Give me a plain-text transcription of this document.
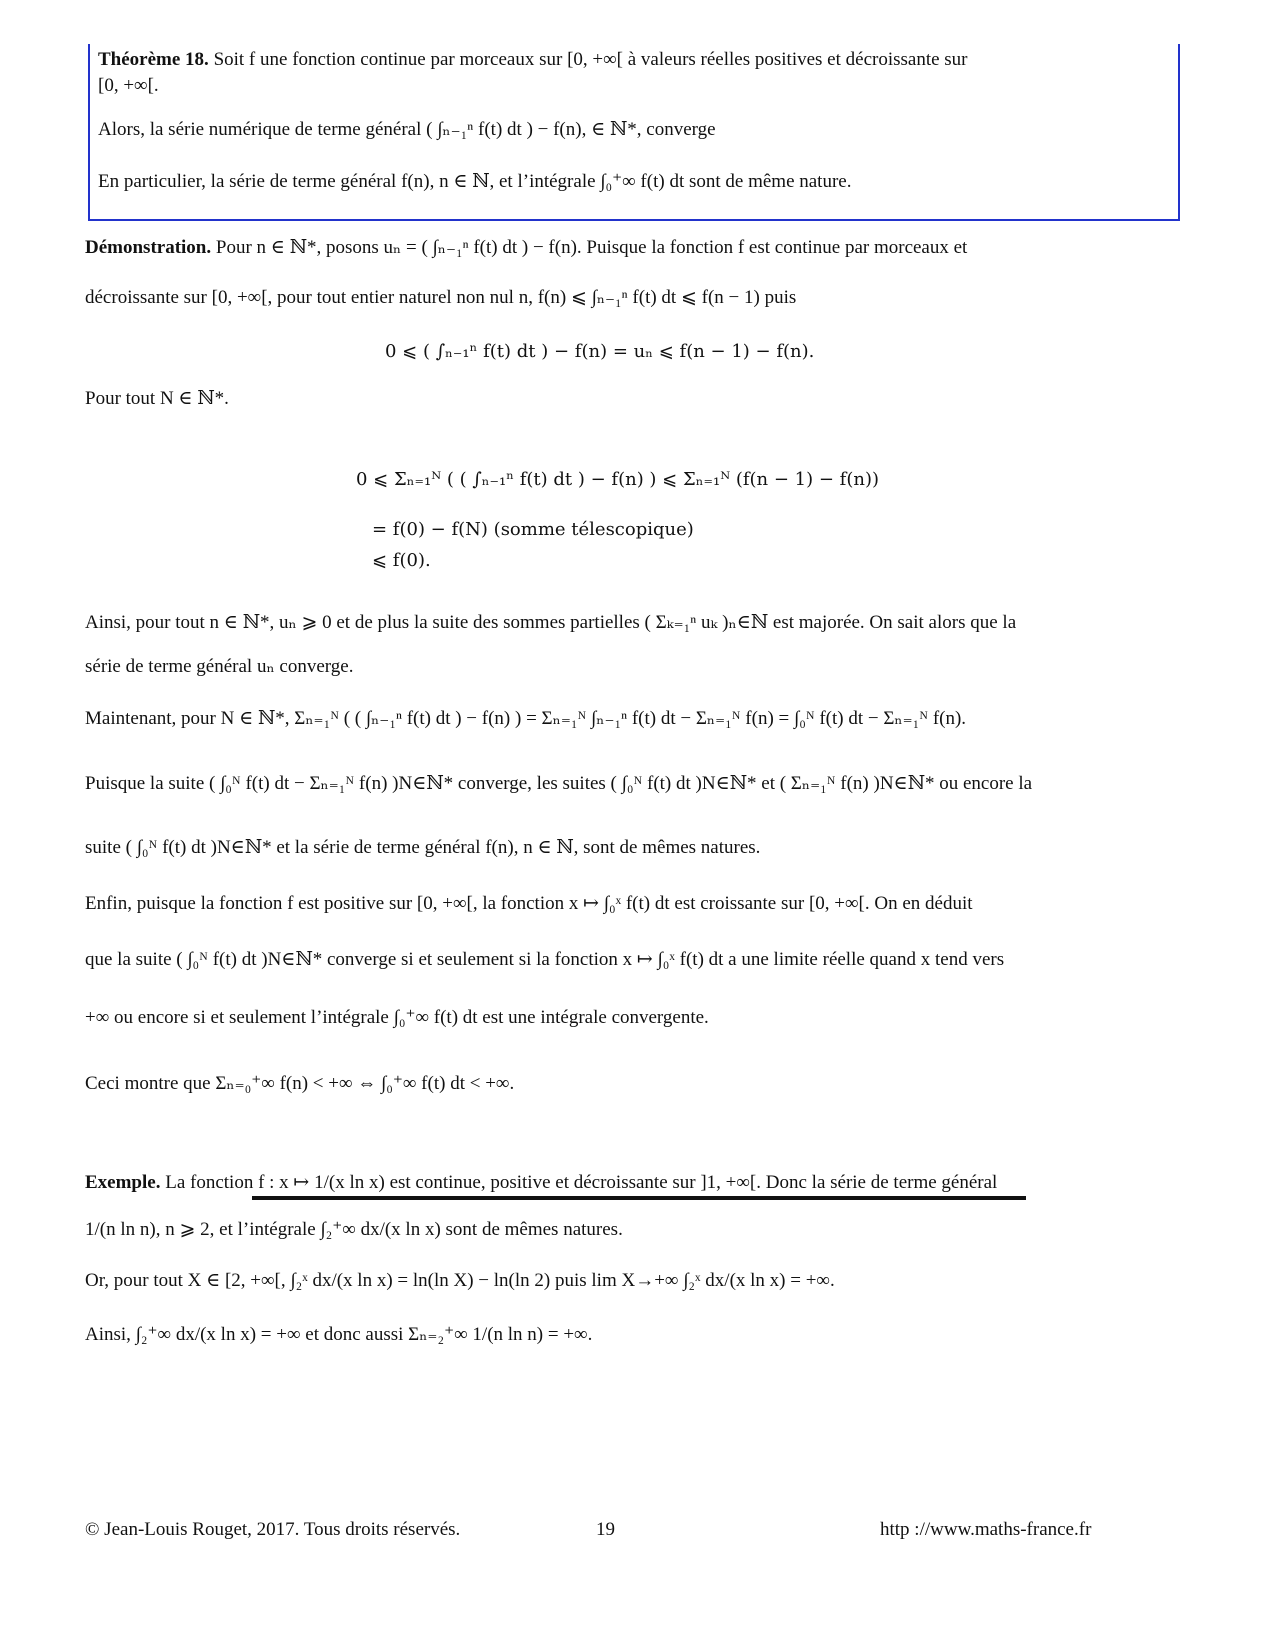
Théorème 18. Soit f une fonction continue par morceaux sur [0, +∞[ à valeurs réelles positives et décroissante sur
[0, +∞[.
Alors, la série numérique de terme général ( ∫ₙ₋₁ⁿ f(t) dt ) − f(n), ∈ ℕ*, converge
En particulier, la série de terme général f(n), n ∈ ℕ, et l’intégrale ∫₀⁺∞ f(t) dt sont de même nature.
Démonstration. Pour n ∈ ℕ*, posons uₙ = ( ∫ₙ₋₁ⁿ f(t) dt ) − f(n). Puisque la fonction f est continue par morceaux et
décroissante sur [0, +∞[, pour tout entier naturel non nul n, f(n) ⩽ ∫ₙ₋₁ⁿ f(t) dt ⩽ f(n − 1) puis
0 ⩽ ( ∫ₙ₋₁ⁿ f(t) dt ) − f(n) = uₙ ⩽ f(n − 1) − f(n).
Pour tout N ∈ ℕ*.
0 ⩽ Σₙ₌₁ᴺ ( ( ∫ₙ₋₁ⁿ f(t) dt ) − f(n) ) ⩽ Σₙ₌₁ᴺ (f(n − 1) − f(n))
= f(0) − f(N) (somme télescopique)
⩽ f(0).
Ainsi, pour tout n ∈ ℕ*, uₙ ⩾ 0 et de plus la suite des sommes partielles ( Σₖ₌₁ⁿ uₖ )ₙ∈ℕ est majorée. On sait alors que la
série de terme général uₙ converge.
Maintenant, pour N ∈ ℕ*, Σₙ₌₁ᴺ ( ( ∫ₙ₋₁ⁿ f(t) dt ) − f(n) ) = Σₙ₌₁ᴺ ∫ₙ₋₁ⁿ f(t) dt − Σₙ₌₁ᴺ f(n) = ∫₀ᴺ f(t) dt − Σₙ₌₁ᴺ f(n).
Puisque la suite ( ∫₀ᴺ f(t) dt − Σₙ₌₁ᴺ f(n) )N∈ℕ* converge, les suites ( ∫₀ᴺ f(t) dt )N∈ℕ* et ( Σₙ₌₁ᴺ f(n) )N∈ℕ* ou encore la
suite ( ∫₀ᴺ f(t) dt )N∈ℕ* et la série de terme général f(n), n ∈ ℕ, sont de mêmes natures.
Enfin, puisque la fonction f est positive sur [0, +∞[, la fonction x ↦ ∫₀ˣ f(t) dt est croissante sur [0, +∞[. On en déduit
que la suite ( ∫₀ᴺ f(t) dt )N∈ℕ* converge si et seulement si la fonction x ↦ ∫₀ˣ f(t) dt a une limite réelle quand x tend vers
+∞ ou encore si et seulement l’intégrale ∫₀⁺∞ f(t) dt est une intégrale convergente.
Ceci montre que Σₙ₌₀⁺∞ f(n) < +∞ ⇔ ∫₀⁺∞ f(t) dt < +∞.
Exemple. La fonction f : x ↦ 1/(x ln x) est continue, positive et décroissante sur ]1, +∞[. Donc la série de terme général
1/(n ln n), n ⩾ 2, et l’intégrale ∫₂⁺∞ dx/(x ln x) sont de mêmes natures.
Or, pour tout X ∈ [2, +∞[, ∫₂ˣ dx/(x ln x) = ln(ln X) − ln(ln 2) puis lim X→+∞ ∫₂ˣ dx/(x ln x) = +∞.
Ainsi, ∫₂⁺∞ dx/(x ln x) = +∞ et donc aussi Σₙ₌₂⁺∞ 1/(n ln n) = +∞.
© Jean-Louis Rouget, 2017. Tous droits réservés.	19	http ://www.maths-france.fr
